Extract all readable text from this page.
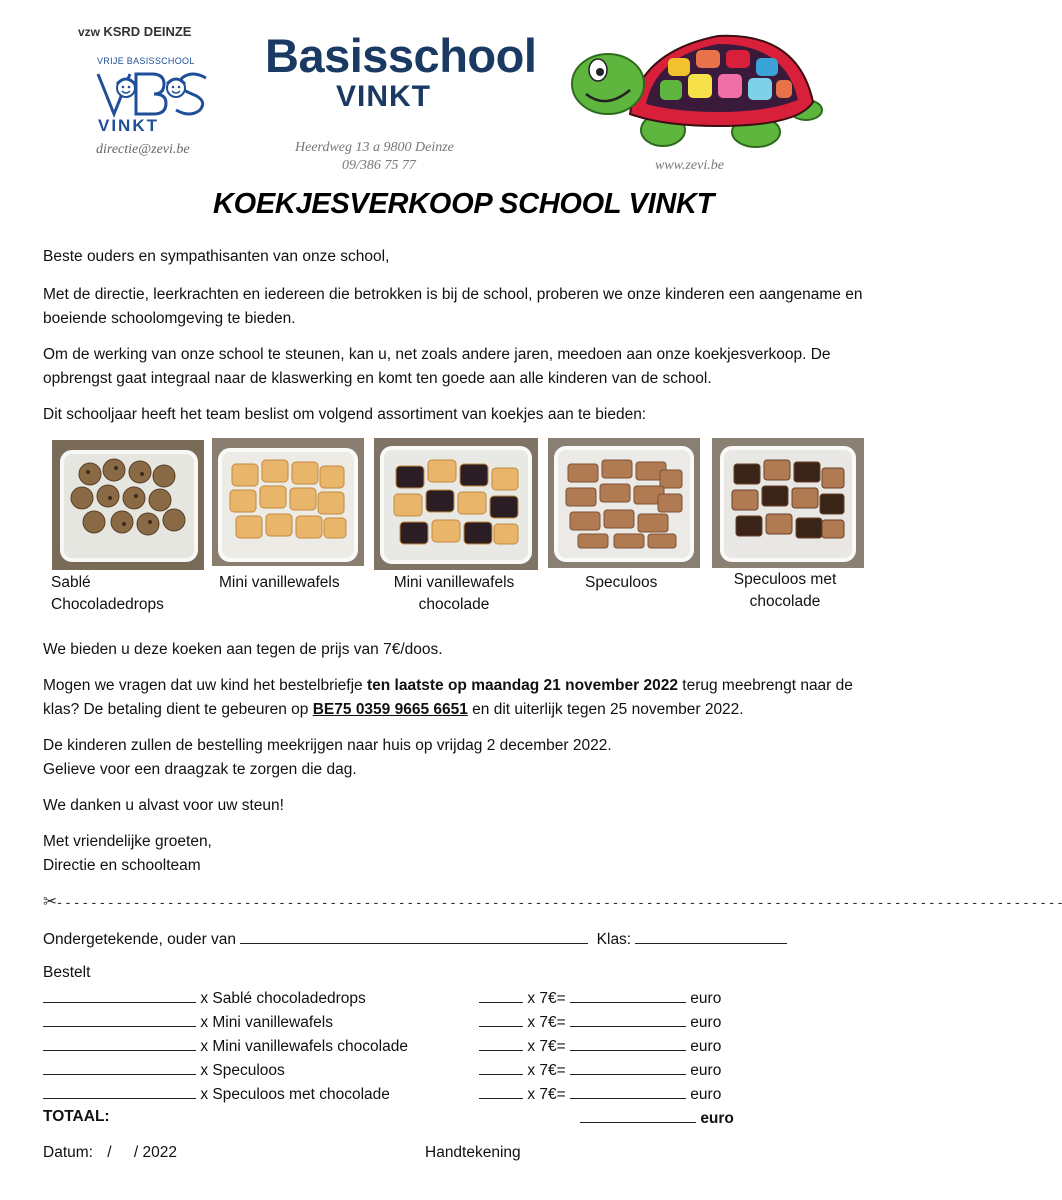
vzw KSRD DEINZE
VRIJE BASISSCHOOL
VINKT
directie@zevi.be
Basisschool
VINKT
Heerdweg 13 a 9800 Deinze
09/386 75 77	www.zevi.be
KOEKJESVERKOOP SCHOOL VINKT
Beste ouders en sympathisanten van onze school,
Met de directie, leerkrachten en iedereen die betrokken is bij de school, proberen we onze kinderen een aangename en boeiende schoolomgeving te bieden.
Om de werking van onze school te steunen, kan u, net zoals andere jaren, meedoen aan onze koekjesverkoop. De opbrengst gaat integraal naar de klaswerking en komt ten goede aan alle kinderen van de school.
Dit schooljaar heeft het team beslist om volgend assortiment van koekjes aan te bieden:
Sablé
Chocoladedrops
Mini vanillewafels	Mini vanillewafels
chocolade
Speculoos	Speculoos met
chocolade
We bieden u deze koeken aan tegen de prijs van 7€/doos.
Mogen we vragen dat uw kind het bestelbriefje ten laatste op maandag 21 november 2022 terug meebrengt naar de klas? De betaling dient te gebeuren op BE75 0359 9665 6651 en dit uiterlijk tegen 25 november 2022.
De kinderen zullen de bestelling meekrijgen naar huis op vrijdag 2 december 2022.
Gelieve voor een draagzak te zorgen die dag.
We danken u alvast voor uw steun!
Met vriendelijke groeten,
Directie en schoolteam
✂- - - - - - - - - - - - - - - - - - - - - - - - - - - - - - - - - - - - - - - - - - - - - - - - - - - - - - - - - - - - - - - - - - - - - - - - - - - - - - - - - - - - - - - - - - - - - - - - - - - - - - - - - - - - - - - - - - - - - -
Ondergetekende, ouder van	Klas:
Bestelt
x Sablé chocoladedrops	x 7€=	euro
x Mini vanillewafels	x 7€=	euro
x Mini vanillewafels chocolade	x 7€=	euro
x Speculoos	x 7€=	euro
x Speculoos met chocolade	x 7€=	euro
TOTAAL:	euro
Datum: / / 2022	Handtekening
